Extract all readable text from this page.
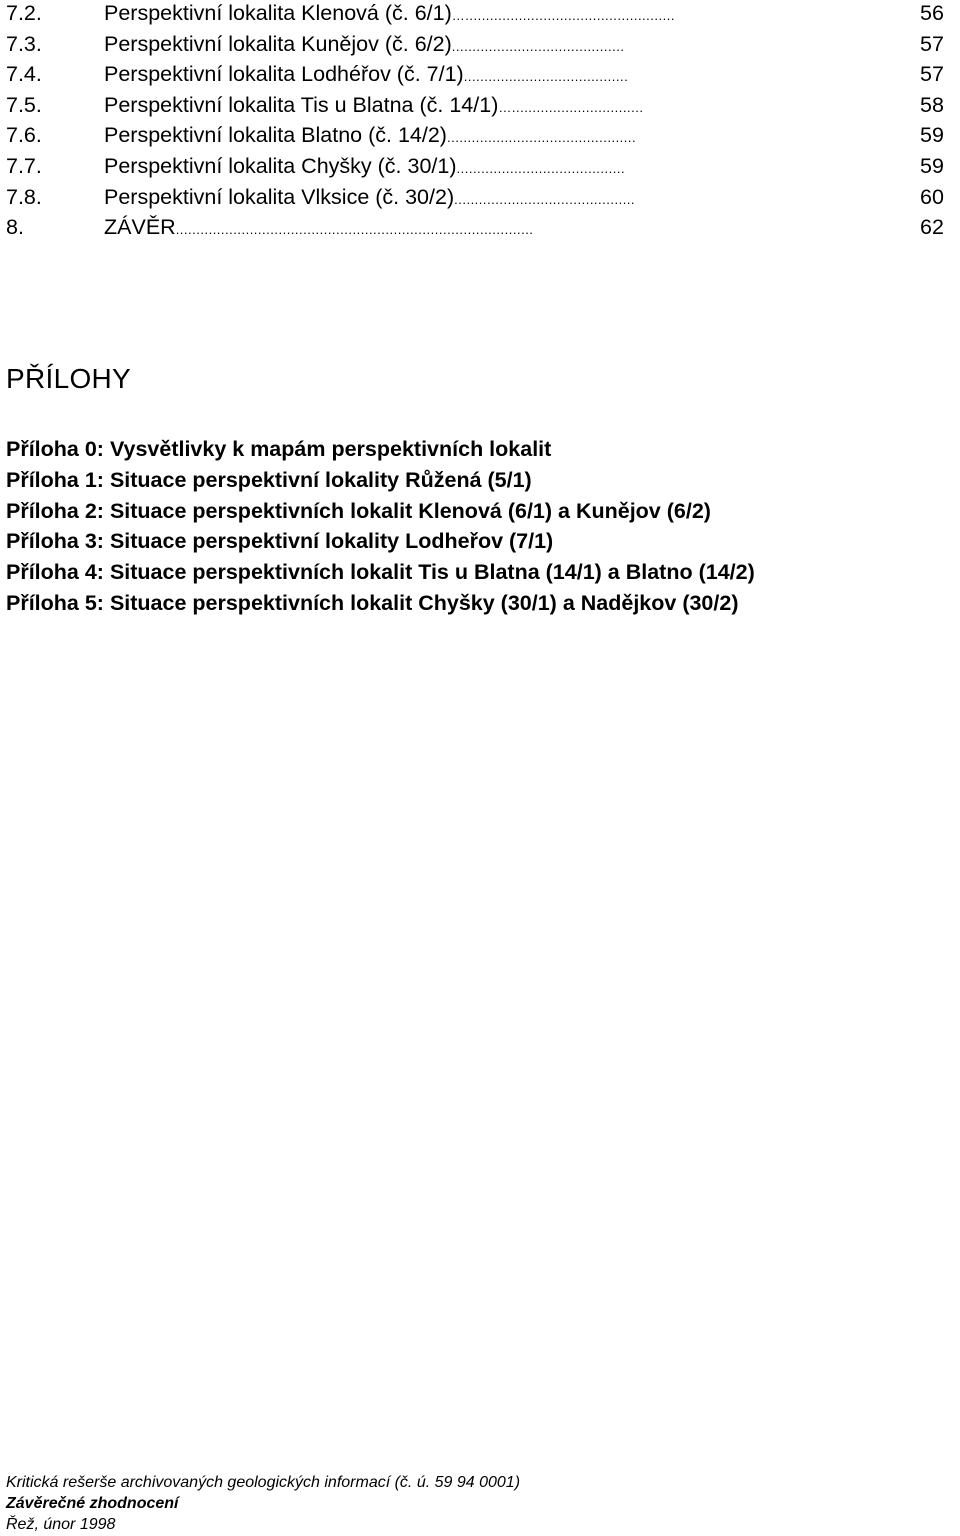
7.2.	Perspektivní lokalita Klenová (č. 6/1)…...................................................	56
7.3.	Perspektivní lokalita Kunějov (č. 6/2)..........................................	57
7.4.	Perspektivní lokalita Lodhéřov (č. 7/1)........................................	57
7.5.	Perspektivní lokalita Tis u Blatna (č. 14/1)…................................	58
7.6.	Perspektivní lokalita Blatno (č. 14/2)..............................................	59
7.7.	Perspektivní lokalita Chyšky (č. 30/1).........................................	59
7.8.	Perspektivní lokalita Vlksice (č. 30/2)............................................	60
8.	ZÁVĚR.......................................................................................	62
PŘÍLOHY
Příloha 0: Vysvětlivky k mapám perspektivních lokalit
Příloha 1: Situace perspektivní lokality Růžená (5/1)
Příloha 2: Situace perspektivních lokalit Klenová (6/1) a Kunějov (6/2)
Příloha 3: Situace perspektivní lokality Lodheřov (7/1)
Příloha 4: Situace perspektivních lokalit Tis u Blatna (14/1) a Blatno (14/2)
Příloha 5: Situace perspektivních lokalit Chyšky (30/1) a Nadějkov (30/2)
Kritická rešerše archivovaných geologických informací (č. ú. 59 94 0001)
Závěrečné zhodnocení
Řež, únor 1998
